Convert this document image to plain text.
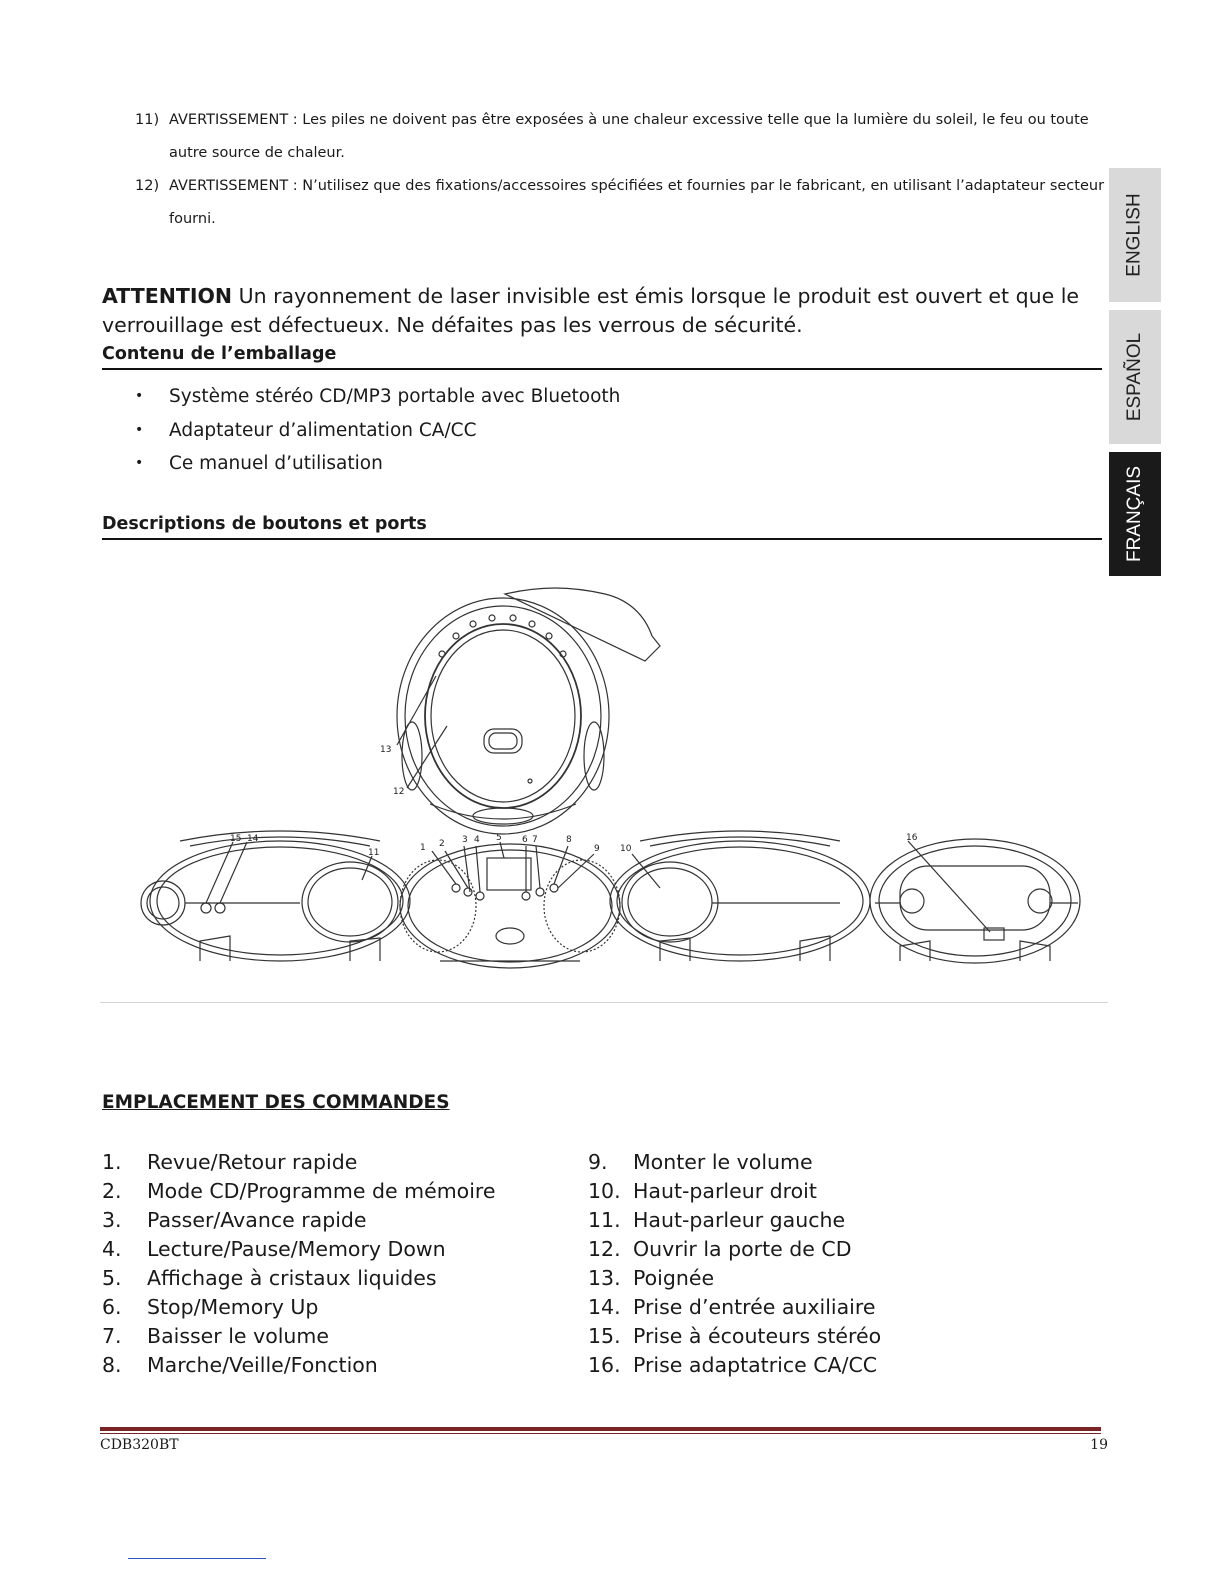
11) AVERTISSEMENT : Les piles ne doivent pas être exposées à une chaleur excessive telle que la lumière du soleil, le feu ou toute autre source de chaleur.
12) AVERTISSEMENT : N’utilisez que des fixations/accessoires spécifiées et fournies par le fabricant, en utilisant l’adaptateur secteur fourni.
ATTENTION Un rayonnement de laser invisible est émis lorsque le produit est ouvert et que le verrouillage est défectueux. Ne défaites pas les verrous de sécurité.
Contenu de l’emballage
•	Système stéréo CD/MP3 portable avec Bluetooth
•	Adaptateur d’alimentation CA/CC
•	Ce manuel d’utilisation
Descriptions de boutons et ports
13
12
15 14
11	1 2 3 4 5 6 7	8
9 10
16
EMPLACEMENT DES COMMANDES
1.	Revue/Retour rapide
2.	Mode CD/Programme de mémoire
3.	Passer/Avance rapide
4.	Lecture/Pause/Memory Down
5.	Affichage à cristaux liquides
6.	Stop/Memory Up
7.	Baisser le volume
8.	Marche/Veille/Fonction
9.	Monter le volume
10. Haut-parleur droit
11. Haut-parleur gauche
12. Ouvrir la porte de CD
13. Poignée
14. Prise d’entrée auxiliaire
15. Prise à écouteurs stéréo
16. Prise adaptatrice CA/CC
ENGLISH
ESPAÑOL
FRANÇAIS
CDB320BT	19
